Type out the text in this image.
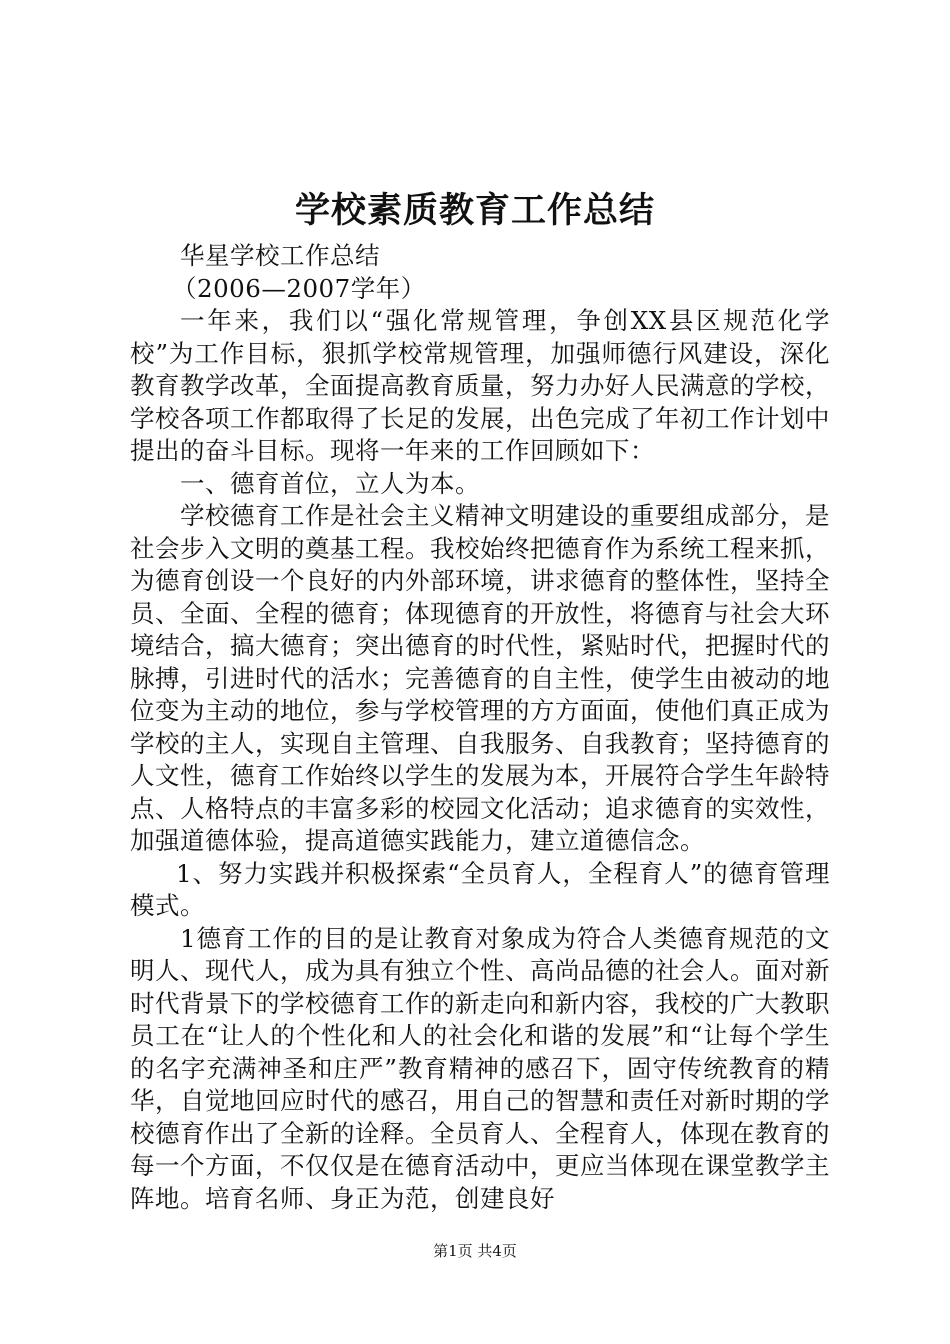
学校素质教育工作总结

华星学校工作总结

（2006—2007学年）

一年来，我们以“强化常规管理，争创XX县区规范化学校”为工作目标，狠抓学校常规管理，加强师德行风建设，深化教育教学改革，全面提高教育质量，努力办好人民满意的学校，学校各项工作都取得了长足的发展，出色完成了年初工作计划中提出的奋斗目标。现将一年来的工作回顾如下：

一、德育首位，立人为本。

学校德育工作是社会主义精神文明建设的重要组成部分，是社会步入文明的奠基工程。我校始终把德育作为系统工程来抓，为德育创设一个良好的内外部环境，讲求德育的整体性，坚持全员、全面、全程的德育；体现德育的开放性，将德育与社会大环境结合，搞大德育；突出德育的时代性，紧贴时代，把握时代的脉搏，引进时代的活水；完善德育的自主性，使学生由被动的地位变为主动的地位，参与学校管理的方方面面，使他们真正成为学校的主人，实现自主管理、自我服务、自我教育；坚持德育的人文性，德育工作始终以学生的发展为本，开展符合学生年龄特点、人格特点的丰富多彩的校园文化活动；追求德育的实效性，加强道德体验，提高道德实践能力，建立道德信念。

1、努力实践并积极探索“全员育人，全程育人”的德育管理模式。

1德育工作的目的是让教育对象成为符合人类德育规范的文明人、现代人，成为具有独立个性、高尚品德的社会人。面对新时代背景下的学校德育工作的新走向和新内容，我校的广大教职员工在“让人的个性化和人的社会化和谐的发展”和“让每个学生的名字充满神圣和庄严”教育精神的感召下，固守传统教育的精华，自觉地回应时代的感召，用自己的智慧和责任对新时期的学校德育作出了全新的诠释。全员育人、全程育人，体现在教育的每一个方面，不仅仅是在德育活动中，更应当体现在课堂教学主阵地。培育名师、身正为范，创建良好

第1页 共4页
